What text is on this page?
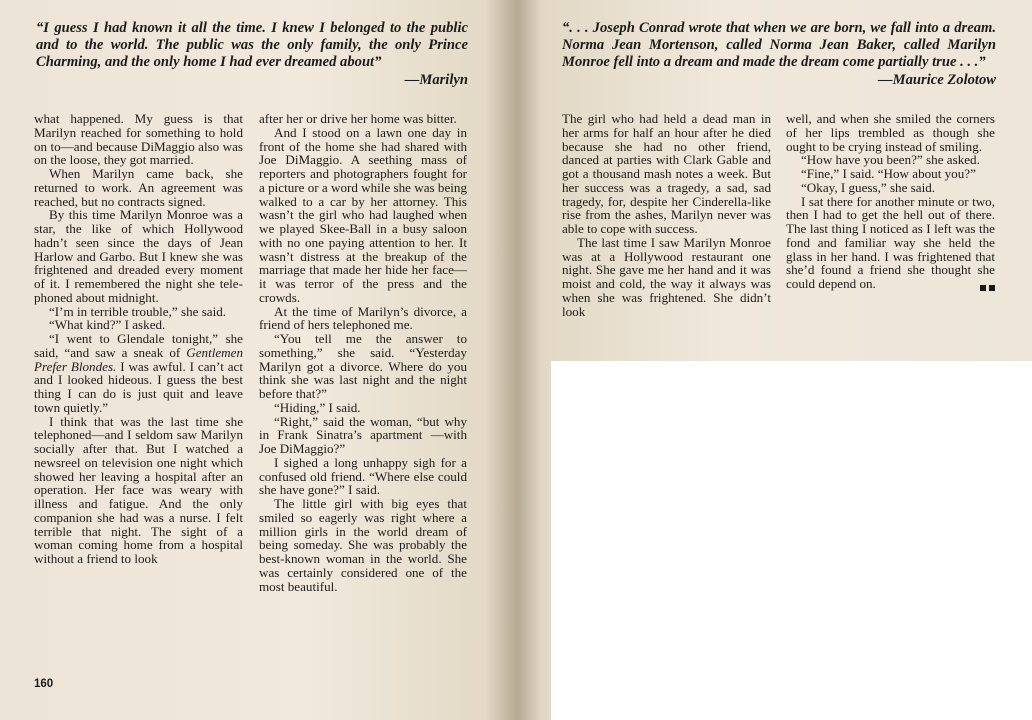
“I guess I had known it all the time. I knew I belonged to the public and to the world. The public was the only family, the only Prince Charming, and the only home I had ever dreamed about”
—Marilyn

what happened. My guess is that Marilyn reached for something to hold on to—and because DiMaggio also was on the loose, they got married.

When Marilyn came back, she returned to work. An agreement was reached, but no contracts signed.

By this time Marilyn Monroe was a star, the like of which Hollywood hadn’t seen since the days of Jean Harlow and Garbo. But I knew she was frightened and dreaded every moment of it. I remembered the night she telephoned about midnight.

“I’m in terrible trouble,” she said.

“What kind?” I asked.

“I went to Glendale tonight,” she said, “and saw a sneak of Gentlemen Prefer Blondes. I was awful. I can’t act and I looked hideous. I guess the best thing I can do is just quit and leave town quietly.”

I think that was the last time she telephoned—and I seldom saw Marilyn socially after that. But I watched a newsreel on television one night which showed her leaving a hospital after an operation. Her face was weary with illness and fatigue. And the only companion she had was a nurse. I felt terrible that night. The sight of a woman coming home from a hospital without a friend to look

after her or drive her home was bitter.

And I stood on a lawn one day in front of the home she had shared with Joe DiMaggio. A seething mass of reporters and photographers fought for a picture or a word while she was being walked to a car by her attorney. This wasn’t the girl who had laughed when we played Skee-Ball in a busy saloon with no one paying attention to her. It wasn’t distress at the breakup of the marriage that made her hide her face—it was terror of the press and the crowds.

At the time of Marilyn’s divorce, a friend of hers telephoned me.

“You tell me the answer to something,” she said. “Yesterday Marilyn got a divorce. Where do you think she was last night and the night before that?”

“Hiding,” I said.

“Right,” said the woman, “but why in Frank Sinatra’s apartment —with Joe DiMaggio?”

I sighed a long unhappy sigh for a confused old friend. “Where else could she have gone?” I said.

The little girl with big eyes that smiled so eagerly was right where a million girls in the world dream of being someday. She was probably the best-known woman in the world. She was certainly considered one of the most beautiful.

160

“. . . Joseph Conrad wrote that when we are born, we fall into a dream. Norma Jean Mortenson, called Norma Jean Baker, called Marilyn Monroe fell into a dream and made the dream come partially true . . .”
—Maurice Zolotow

The girl who had held a dead man in her arms for half an hour after he died because she had no other friend, danced at parties with Clark Gable and got a thousand mash notes a week. But her success was a tragedy, a sad, sad tragedy, for, despite her Cinderella-like rise from the ashes, Marilyn never was able to cope with success.

The last time I saw Marilyn Monroe was at a Hollywood restaurant one night. She gave me her hand and it was moist and cold, the way it always was when she was frightened. She didn’t look

well, and when she smiled the corners of her lips trembled as though she ought to be crying instead of smiling.

“How have you been?” she asked.

“Fine,” I said. “How about you?”

“Okay, I guess,” she said.

I sat there for another minute or two, then I had to get the hell out of there. The last thing I noticed as I left was the fond and familiar way she held the glass in her hand. I was frightened that she’d found a friend she thought she could depend on.
